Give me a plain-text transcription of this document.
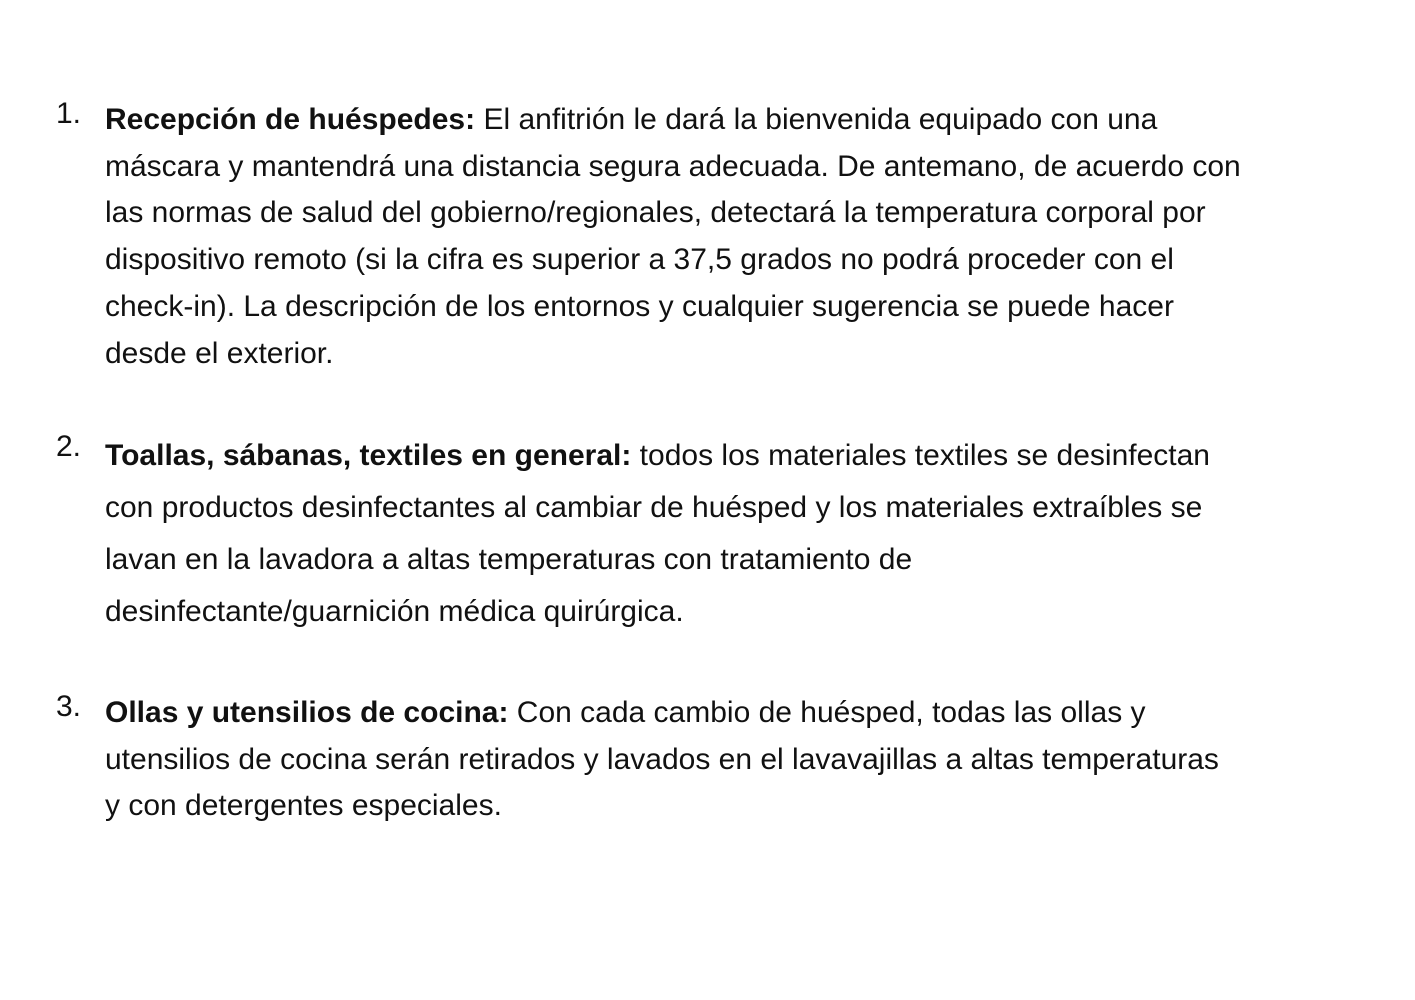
1. Recepción de huéspedes: El anfitrión le dará la bienvenida equipado con una
máscara y mantendrá una distancia segura adecuada. De antemano, de acuerdo con
las normas de salud del gobierno/regionales, detectará la temperatura corporal por
dispositivo remoto (si la cifra es superior a 37,5 grados no podrá proceder con el
check-in). La descripción de los entornos y cualquier sugerencia se puede hacer
desde el exterior.
2. Toallas, sábanas, textiles en general: todos los materiales textiles se desinfectan
con productos desinfectantes al cambiar de huésped y los materiales extraíbles se
lavan en la lavadora a altas temperaturas con tratamiento de
desinfectante/guarnición médica quirúrgica.
3. Ollas y utensilios de cocina: Con cada cambio de huésped, todas las ollas y
utensilios de cocina serán retirados y lavados en el lavavajillas a altas temperaturas
y con detergentes especiales.
